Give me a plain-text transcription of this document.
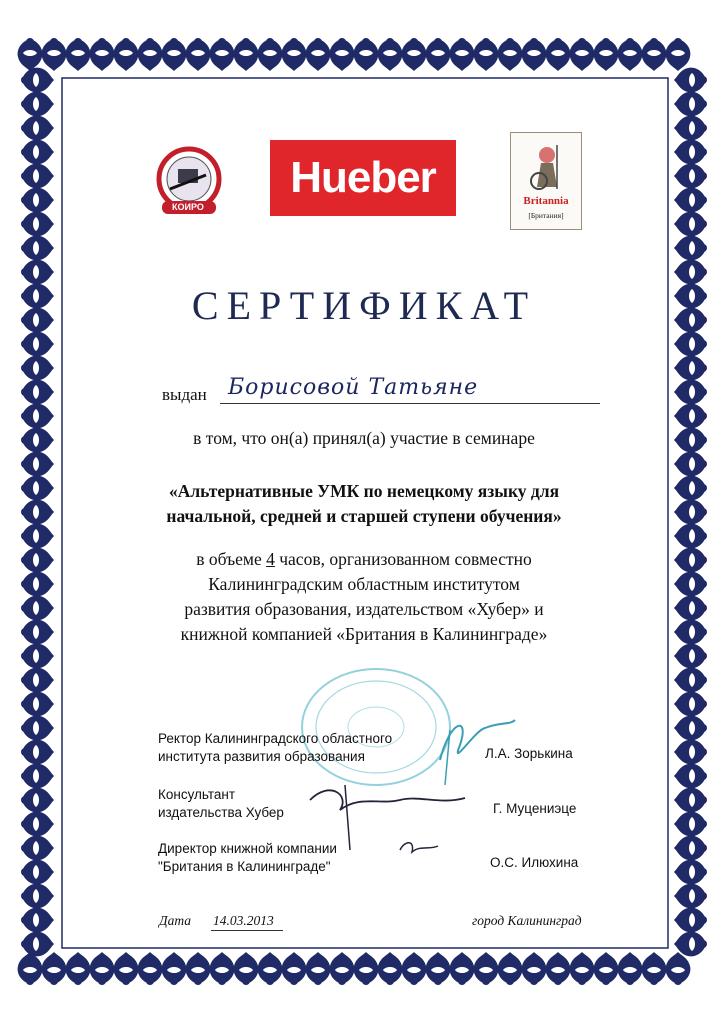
КОИРО
Hueber	Britannia
[Британия]
СЕРТИФИКАТ
выдан Борисовой Татьяне
в том, что он(а) принял(а) участие в семинаре
«Альтернативные УМК по немецкому языку для
начальной, средней и старшей ступени обучения»
в объеме 4 часов, организованном совместно
Калининградским областным институтом
развития образования, издательством «Хубер» и
книжной компанией «Британия в Калининграде»
Ректор Калининградского областного
института развития образования	Л.А. Зорькина
Консультант
издательства Хубер	Г. Муцениэце
Директор книжной компании
"Британия в Калининграде"	О.С. Илюхина
Дата 14.03.2013	город Калининград
